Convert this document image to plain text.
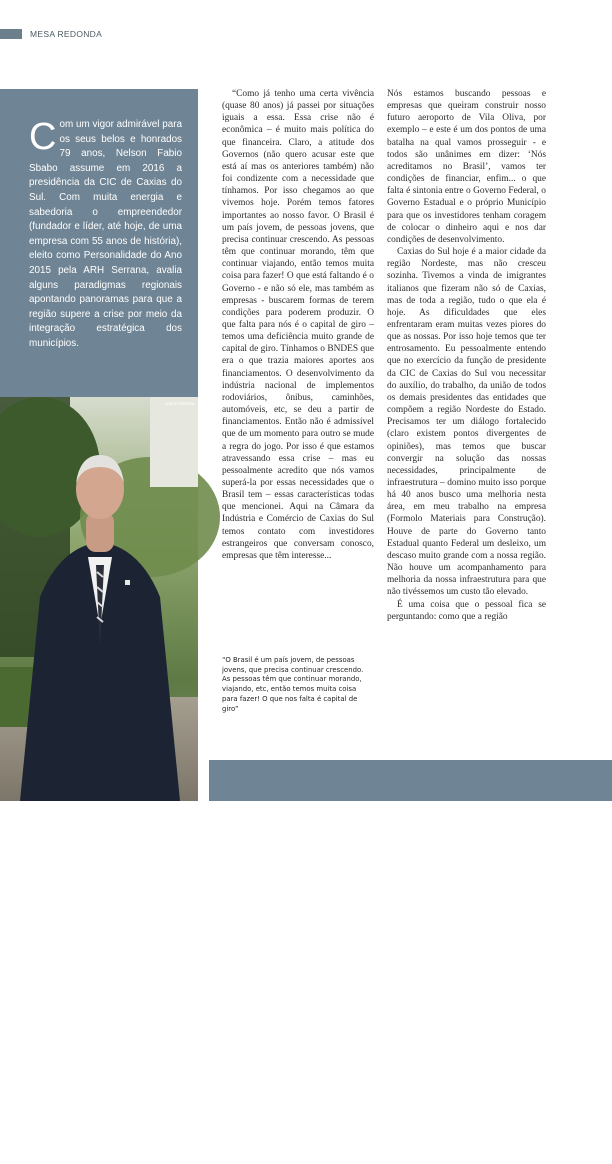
MESA REDONDA
Com um vigor admirável para os seus belos e honrados 79 anos, Nelson Fabio Sbabo assume em 2016 a presidência da CIC de Caxias do Sul. Com muita energia e sabedoria o empreendedor (fundador e líder, até hoje, de uma empresa com 55 anos de história), eleito como Personalidade do Ano 2015 pela ARH Serrana, avalia alguns paradigmas regionais apontando panoramas para que a região supere a crise por meio da integração estratégica dos municípios.
Jobus Ferreira
8 | NQI

“Como já tenho uma certa vivência (quase 80 anos) já passei por situações iguais a essa. Essa crise não é econômica – é muito mais política do que financeira. Claro, a atitude dos Governos (não quero acusar este que está aí mas os anteriores também) não foi condizente com a necessidade que tínhamos. Por isso chegamos ao que vivemos hoje. Porém temos fatores importantes ao nosso favor. O Brasil é um país jovem, de pessoas jovens, que precisa continuar crescendo. As pessoas têm que continuar morando, têm que continuar viajando, então temos muita coisa para fazer! O que está faltando é o Governo - e não só ele, mas também as empresas - buscarem formas de terem condições para poderem produzir. O que falta para nós é o capital de giro – temos uma deficiência muito grande de capital de giro. Tínhamos o BNDES que era o que trazia maiores aportes aos financiamentos. O desenvolvimento da indústria nacional de implementos rodoviários, ônibus, caminhões, automóveis, etc, se deu a partir de financiamentos. Então não é admissível que de um momento para outro se mude a regra do jogo. Por isso é que estamos atravessando essa crise – mas eu pessoalmente acredito que nós vamos superá-la por essas necessidades que o Brasil tem – essas características todas que mencionei. Aqui na Câmara da Indústria e Comércio de Caxias do Sul temos contato com investidores estrangeiros que conversam conosco, empresas que têm interesse...

“O Brasil é um país jovem, de pessoas jovens, que precisa continuar crescendo. As pessoas têm que continuar morando, viajando, etc, então temos muita coisa para fazer! O que nos falta é capital de giro”

Nós estamos buscando pessoas e empresas que queiram construir nosso futuro aeroporto de Vila Oliva, por exemplo – e este é um dos pontos de uma batalha na qual vamos prosseguir - e todos são unânimes em dizer: ‘Nós acreditamos no Brasil’, vamos ter condições de financiar, enfim... o que falta é sintonia entre o Governo Federal, o Governo Estadual e o próprio Município para que os investidores tenham coragem de colocar o dinheiro aqui e nos dar condições de desenvolvimento.

Caxias do Sul hoje é a maior cidade da região Nordeste, mas não cresceu sozinha. Tivemos a vinda de imigrantes italianos que fizeram não só de Caxias, mas de toda a região, tudo o que ela é hoje. As dificuldades que eles enfrentaram eram muitas vezes piores do que as nossas. Por isso hoje temos que ter entrosamento. Eu pessoalmente entendo que no exercício da função de presidente da CIC de Caxias do Sul vou necessitar do auxílio, do trabalho, da união de todos os demais presidentes das entidades que compõem a região Nordeste do Estado. Precisamos ter um diálogo fortalecido (claro existem pontos divergentes de opiniões), mas temos que buscar convergir na solução das nossas necessidades, principalmente de infraestrutura – domino muito isso porque há 40 anos busco uma melhoria nesta área, em meu trabalho na empresa (Formolo Materiais para Construção). Houve de parte do Governo tanto Estadual quanto Federal um desleixo, um descaso muito grande com a nossa região. Não houve um acompanhamento para melhoria da nossa infraestrutura para que não tivéssemos um custo tão elevado.

É uma coisa que o pessoal fica se perguntando: como que a região
